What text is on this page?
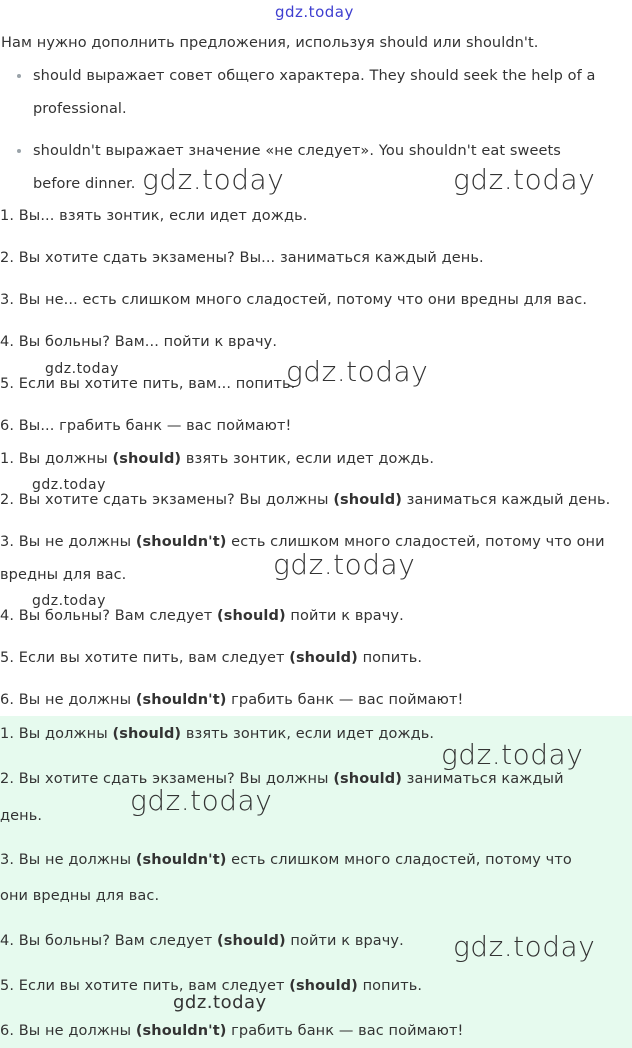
gdz.today
Нам нужно дополнить предложения, используя should или shouldn't.
should выражает совет общего характера. They should seek the help of a
professional.
shouldn't выражает значение «не следует». You shouldn't eat sweets
before dinner.
1. Вы... взять зонтик, если идет дождь.
2. Вы хотите сдать экзамены? Вы... заниматься каждый день.
3. Вы не... есть слишком много сладостей, потому что они вредны для вас.
4. Вы больны? Вам... пойти к врачу.
5. Если вы хотите пить, вам... попить.
6. Вы... грабить банк — вас поймают!
1. Вы должны (should) взять зонтик, если идет дождь.
2. Вы хотите сдать экзамены? Вы должны (should) заниматься каждый день.
3. Вы не должны (shouldn't) есть слишком много сладостей, потому что они
вредны для вас.
4. Вы больны? Вам следует (should) пойти к врачу.
5. Если вы хотите пить, вам следует (should) попить.
6. Вы не должны (shouldn't) грабить банк — вас поймают!
1. Вы должны (should) взять зонтик, если идет дождь.
2. Вы хотите сдать экзамены? Вы должны (should) заниматься каждый
день.
3. Вы не должны (shouldn't) есть слишком много сладостей, потому что
они вредны для вас.
4. Вы больны? Вам следует (should) пойти к врачу.
5. Если вы хотите пить, вам следует (should) попить.
6. Вы не должны (shouldn't) грабить банк — вас поймают!
gdz.today	gdz.today
gdz.today	gdz.today
gdz.today
gdz.today
gdz.today
gdz.today
gdz.today
gdz.today
gdz.today
